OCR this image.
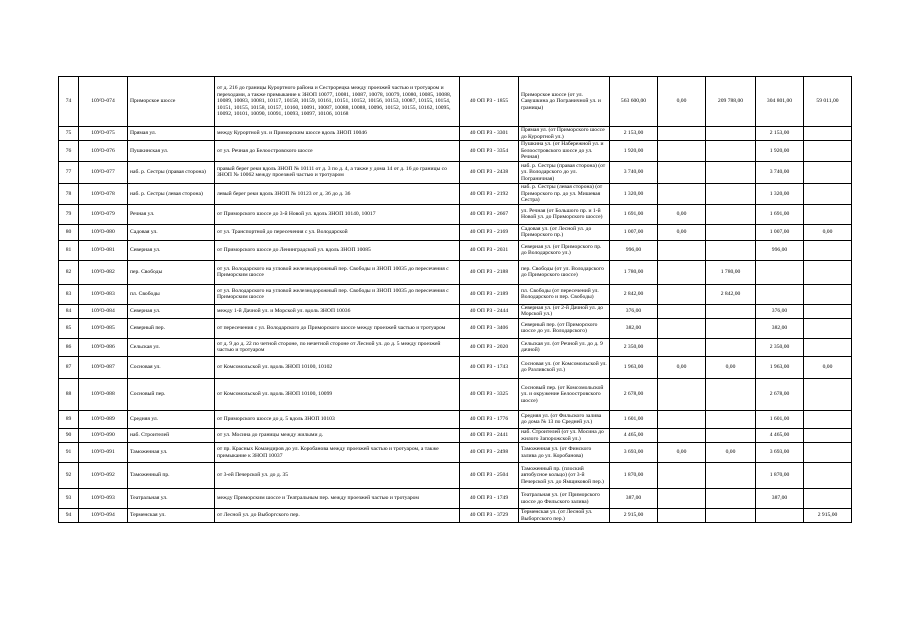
74	10УО-074	Приморское шоссе	от д. 216 до границы Курортного района и Сестрорецка между проезжей частью и тротуаром и переходами, а также примыкание к ЗНОП 10077, 10081, 10087, 10078, 10079, 10080, 10085, 10088, 10089, 10083, 10081, 10117, 10158, 10159, 10161, 10151, 10152, 10156, 10153, 10087, 10155, 10154, 10151, 10155, 10158, 10157, 10160, 10091, 10087, 10088, 10088, 10096, 10152, 10155, 10162, 10095, 10092, 10101, 10090, 10091, 10093, 10097, 10106, 10168	40 ОП РЗ - 1855	Приморское шоссе (от ул. Савушкина до Пограничной ул. и границы)	563 600,00	0,00	209 788,00	304 801,00	59 011,00
75	10УО-075	Прямая ул.	между Курортной ул. и Приморским шоссе вдоль ЗНОП 10046	40 ОП РЗ - 3301	Прямая ул. (от Приморского шоссе до Курортной ул.)	2 153,00			2 153,00	
76	10УО-076	Пушкинская ул.	от ул. Речная до Белоостровского шоссе	40 ОП РЗ - 3354	Пушкина ул. (от Набережной ул. и Белоостровского шоссе до ул. Речная)	1 920,00			1 920,00	
77	10УО-077	наб. р. Сестры (правая сторона)	правый берег реки вдоль ЗНОП № 10111 от д. 3 по д. 4, а также у дома 14 от д. 16 до границы со ЗНОП № 10062 между проезжей частью и тротуаром	40 ОП РЗ - 2438	наб. р. Сестры (правая сторона) (от ул. Володарского до ул. Пограничная)	3 740,00			3 740,00	
78	10УО-078	наб. р. Сестры (левая сторона)	левый берег реки вдоль ЗНОП № 10123 от д. 36 до д. 36	40 ОП РЗ - 2192	наб. р. Сестры (левая сторона) (от Приморского пр. до ул. Мишевая Сестра)	1 320,00			1 320,00	
79	10УО-079	Речная ул.	от Приморского шоссе до 3-й Новой ул. вдоль ЗНОП 10140, 10017	40 ОП РЗ - 2667	ул. Речная (от Большого пр. и 1-й Новой ул. до Приморского шоссе)	1 691,00	0,00		1 691,00	
80	10УО-080	Садовая ул.	от ул. Транспортной до пересечения с ул. Володарской	40 ОП РЗ - 2169	Садовая ул. (от Лесной ул. до Приморского пр.)	1 007,00	0,00		1 007,00	0,00
81	10УО-081	Северная ул.	от Приморского шоссе до Ленинградской ул. вдоль ЗНОП 10085	40 ОП РЗ - 2031	Северная ул. (от Приморского пр. до Володарского ул.)	996,00			996,00	
82	10УО-082	пер. Свободы	от ул. Володарского на угловой железнодорожный пер. Свободы и ЗНОП 10035 до пересечения с Приморским шоссе	40 ОП РЗ - 2188	пер. Свободы (от ул. Володарского до Приморского шоссе)	1 780,00		1 780,00		
83	10УО-083	пл. Свободы	от ул. Володарского на угловой железнодорожный пер. Свободы и ЗНОП 10035 до пересечения с Приморским шоссе	40 ОП РЗ - 2189	пл. Свободы (от пересечений ул. Володарского и пер. Свободы)	2 842,00		2 842,00		
84	10УО-084	Северная ул.	между 1-й Дачной ул. и Морской ул. вдоль ЗНОП 10036	40 ОП РЗ - 2444	Северная ул. (от 2-й Дачной ул. до Морской ул.)	376,00			376,00	
85	10УО-085	Северный пер.	от пересечения с ул. Володарского до Приморского шоссе между проезжей частью и тротуаром	40 ОП РЗ - 3406	Северный пер. (от Приморского шоссе до ул. Володарского)	382,00			382,00	
86	10УО-086	Сельская ул.	от д. 9 до д. 22 по четной стороне, по нечетной стороне от Лесной ул. до д. 5 между проезжей частью и тротуаром	40 ОП РЗ - 2020	Сельская ул. (от Речной ул. до д. 9 дачной)	2 350,00			2 350,00	
87	10УО-087	Сосновая ул.	от Комсомольской ул. вдоль ЗНОП 10100, 10102	40 ОП РЗ - 1743	Сосновая ул. (от Комсомольской ул. до Разливской ул.)	1 963,00	0,00	0,00	1 963,00	0,00
88	10УО-088	Сосновый пер.	от Комсомольской ул. вдоль ЗНОП 10100, 10099	40 ОП РЗ - 3325	Сосновый пер. (от Комсомольской ул. и окружение Белоостровского шоссе)	2 678,00			2 678,00	
89	10УО-089	Средняя ул.	от Приморского шоссе до д. 5 вдоль ЗНОП 10103	40 ОП РЗ - 1776	Средняя ул. (от Фильского залива до дома № 13 по Средней ул.)	1 601,00			1 601,00	
90	10УО-090	наб. Строителей	от ул. Мосина до границы между жилыми д.	40 ОП РЗ - 2441	наб. Строителей (от ул. Мосина до жилого Запорожской ул.)	4 465,00			4 465,00	
91	10УО-091	Таможенная ул.	от пр. Красных Командиров до ул. Коробанова между проезжей частью и тротуаром, а также примыкание к ЗНОП 10037	40 ОП РЗ - 2498	Таможенная ул. (от Финского залива до ул. Коробанова)	3 693,00	0,00	0,00	3 693,00	
92	10УО-092	Таможенный пр.	от 3-ей Печерской ул. до д. 35	40 ОП РЗ - 2504	Таможенный пр. (плоский автобусное кольцо) (от 3-й Печерской ул. до Ямщиковой пер.)	1 870,00			1 870,00	
93	10УО-093	Театральная ул.	между Приморским шоссе и Театральным пер. между проезжей частью и тротуаром	40 ОП РЗ - 1749	Театральная ул. (от Приморского шоссе до Фильского залива)	387,00			387,00	
94	10УО-094	Терменская ул.	от Лесной ул. до Выборгского пер.	40 ОП РЗ - 3729	Терменская ул. (от Лесной ул. Выборгского пер.)	2 915,00				2 915,00
